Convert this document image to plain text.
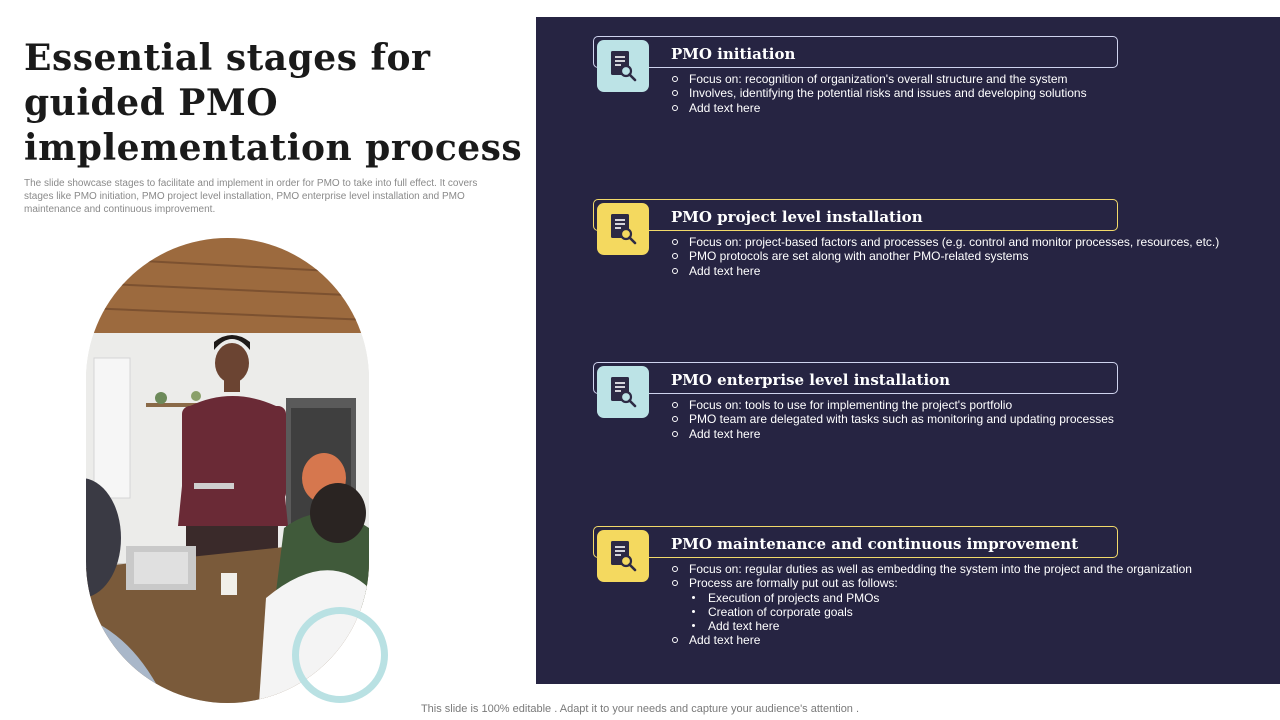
Essential stages for guided PMO implementation process
The slide showcase stages to facilitate and implement in order for PMO to take into full effect. It covers stages like PMO initiation, PMO project level installation, PMO enterprise level installation and PMO maintenance and continuous improvement.
PMO initiation
Focus on: recognition of organization's overall structure and the system
Involves, identifying the potential risks and issues and developing solutions
Add text here
PMO project level installation
Focus on: project-based factors and processes (e.g. control and monitor processes, resources, etc.)
PMO protocols are set along with another PMO-related systems
Add text here
PMO enterprise level installation
Focus on: tools to use for implementing the project's portfolio
PMO team are delegated with tasks such as monitoring and updating processes
Add text here
PMO maintenance and continuous improvement
Focus on: regular duties as well as embedding the system into the project and the organization
Process are formally put out as follows:
Execution of projects and PMOs
Creation of corporate goals
Add text here
Add text here
This slide is 100% editable . Adapt it to your needs and capture your audience's attention .
